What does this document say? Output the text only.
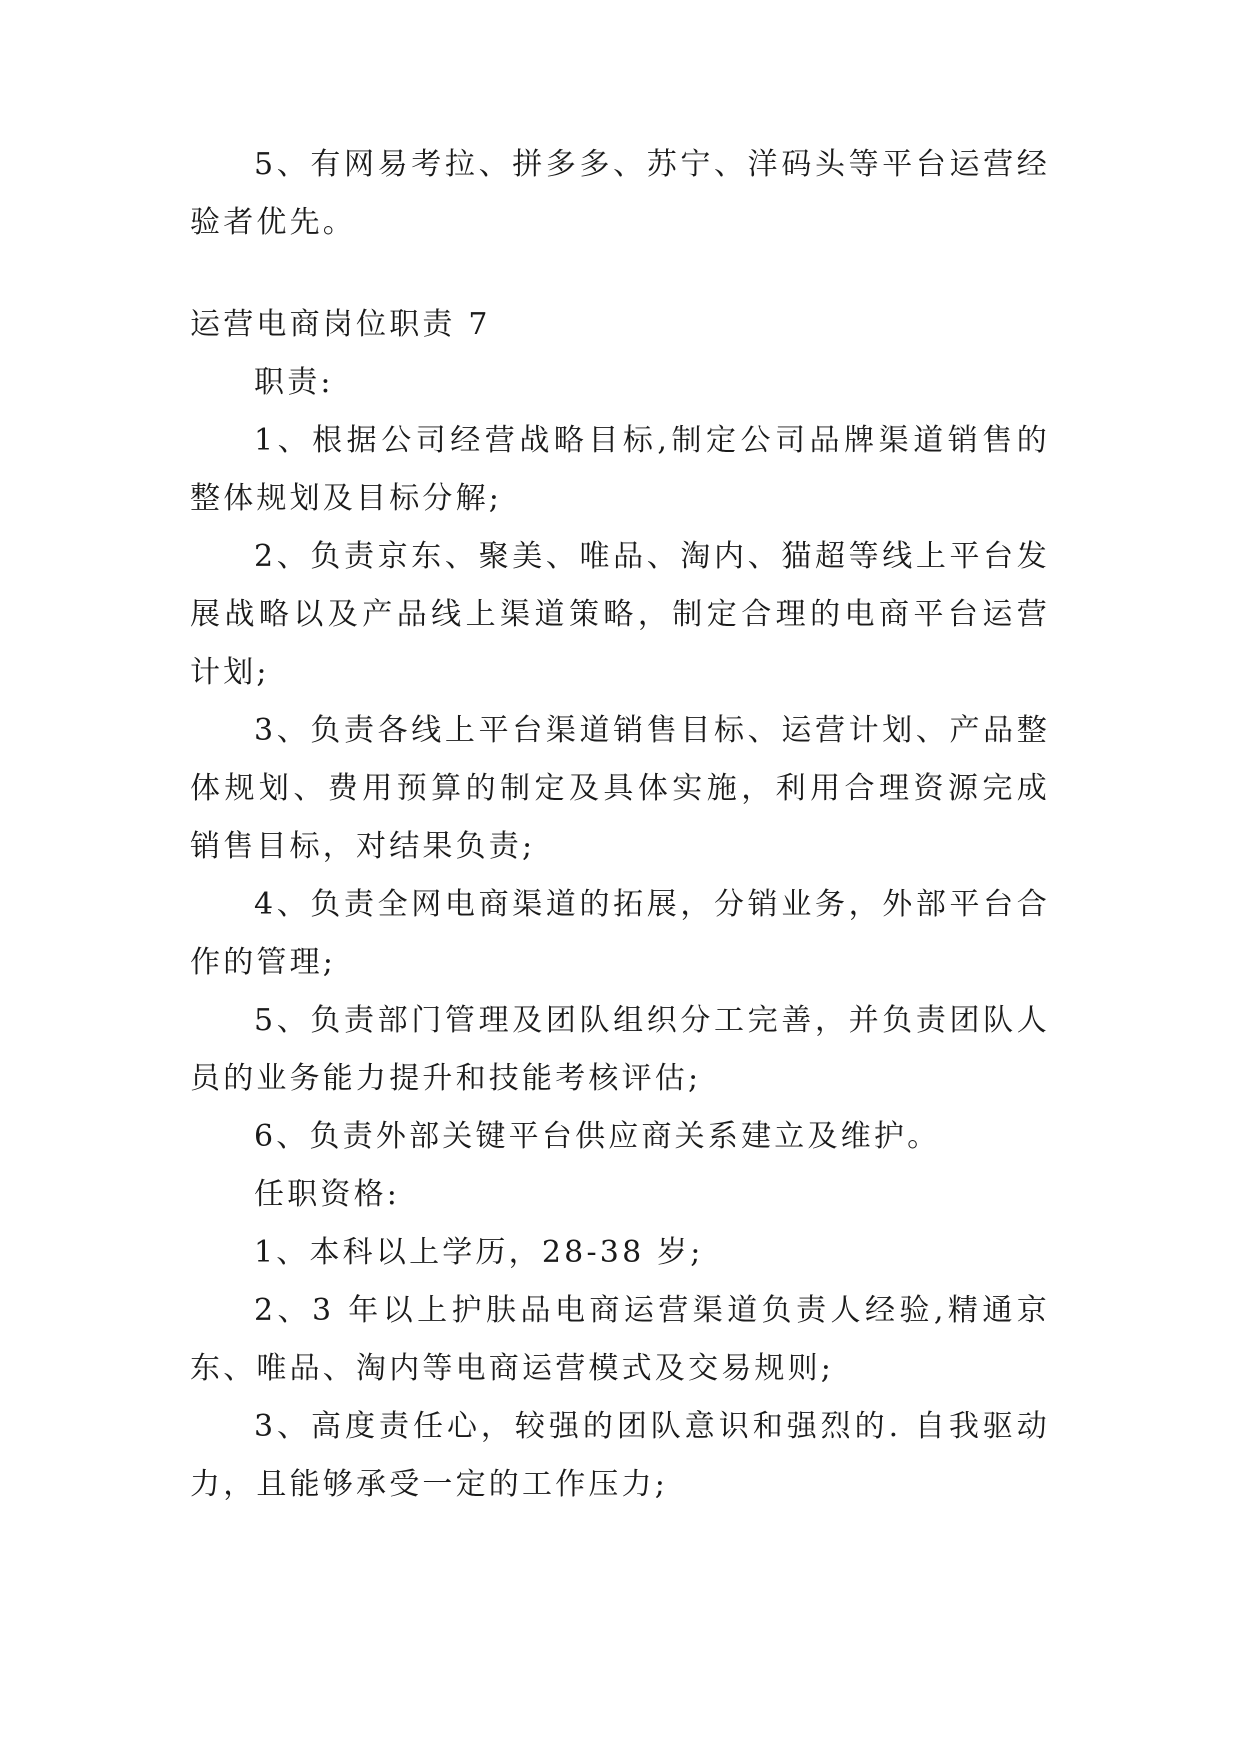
5、有网易考拉、拼多多、苏宁、洋码头等平台运营经验者优先。

运营电商岗位职责 7

职责:

1、根据公司经营战略目标,制定公司品牌渠道销售的整体规划及目标分解;

2、负责京东、聚美、唯品、淘内、猫超等线上平台发展战略以及产品线上渠道策略，制定合理的电商平台运营计划;

3、负责各线上平台渠道销售目标、运营计划、产品整体规划、费用预算的制定及具体实施，利用合理资源完成销售目标，对结果负责;

4、负责全网电商渠道的拓展，分销业务，外部平台合作的管理;

5、负责部门管理及团队组织分工完善，并负责团队人员的业务能力提升和技能考核评估;

6、负责外部关键平台供应商关系建立及维护。

任职资格:

1、本科以上学历，28-38 岁;

2、3 年以上护肤品电商运营渠道负责人经验,精通京东、唯品、淘内等电商运营模式及交易规则;

3、高度责任心，较强的团队意识和强烈的. 自我驱动力，且能够承受一定的工作压力;
